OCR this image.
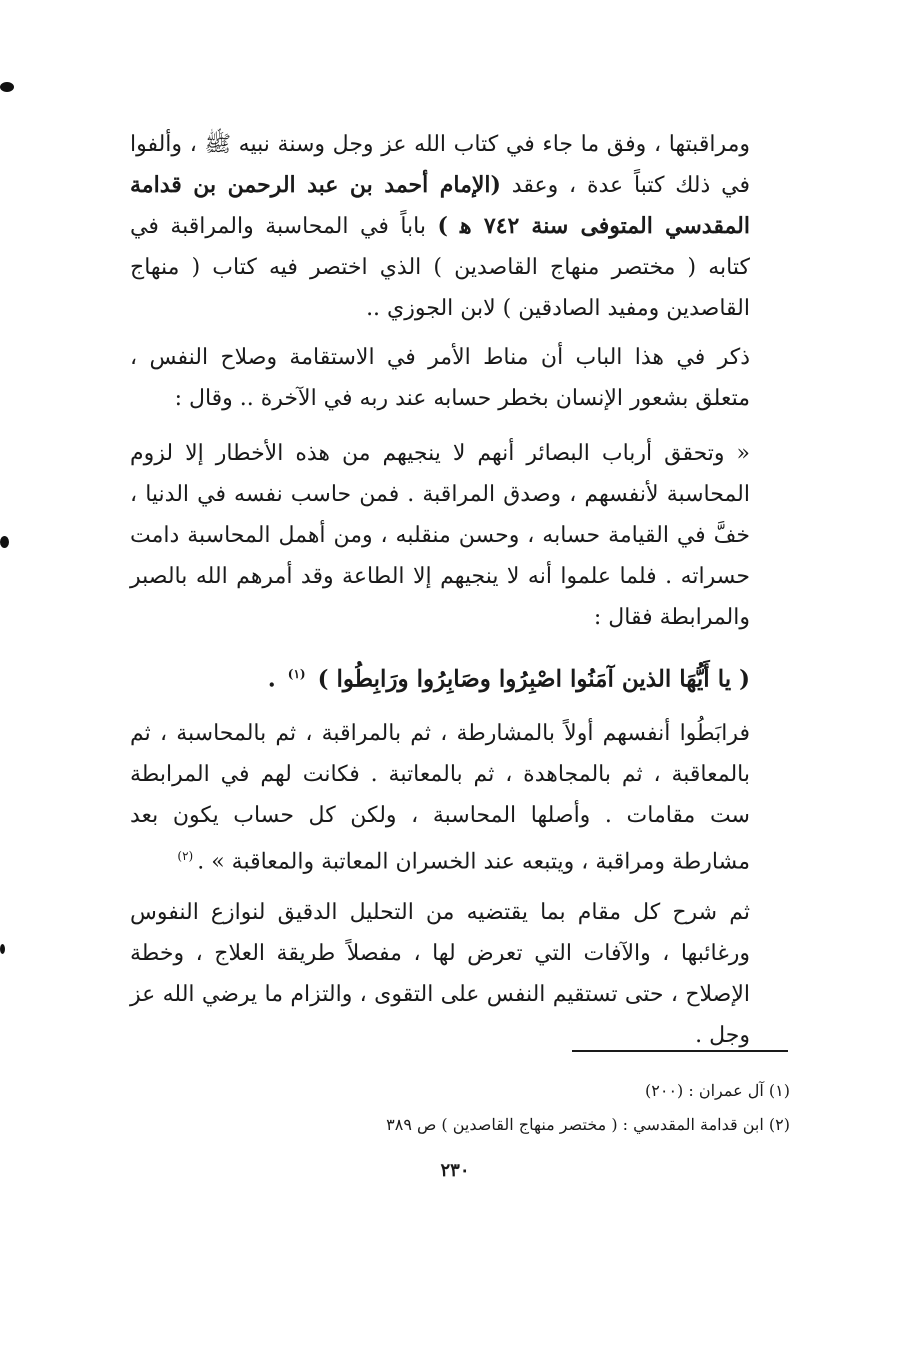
ومراقبتها ، وفق ما جاء في كتاب الله عز وجل وسنة نبيه ﷺ ، وألفوا في ذلك كتباً عدة ، وعقد (الإمام أحمد بن عبد الرحمن بن قدامة المقدسي المتوفى سنة ٧٤٢ ﻫ ) باباً في المحاسبة والمراقبة في كتابه ( مختصر منهاج القاصدين ) الذي اختصر فيه كتاب ( منهاج القاصدين ومفيد الصادقين ) لابن الجوزي ..

ذكر في هذا الباب أن مناط الأمر في الاستقامة وصلاح النفس ، متعلق بشعور الإنسان بخطر حسابه عند ربه في الآخرة .. وقال :

« وتحقق أرباب البصائر أنهم لا ينجيهم من هذه الأخطار إلا لزوم المحاسبة لأنفسهم ، وصدق المراقبة . فمن حاسب نفسه في الدنيا ، خفَّ في القيامة حسابه ، وحسن منقلبه ، ومن أهمل المحاسبة دامت حسراته . فلما علموا أنه لا ينجيهم إلا الطاعة وقد أمرهم الله بالصبر والمرابطة فقال :

( يا أَيُّهَا الذين آمَنُوا اصْبِرُوا وصَابِرُوا ورَابِطُوا ) $^{(١)}$ .

فرابَطُوا أنفسهم أولاً بالمشارطة ، ثم بالمراقبة ، ثم بالمحاسبة ، ثم بالمعاقبة ، ثم بالمجاهدة ، ثم بالمعاتبة . فكانت لهم في المرابطة ست مقامات . وأصلها المحاسبة ، ولكن كل حساب يكون بعد مشارطة ومراقبة ، ويتبعه عند الخسران المعاتبة والمعاقبة » .$^{(٢)}$

ثم شرح كل مقام بما يقتضيه من التحليل الدقيق لنوازع النفوس ورغائبها ، والآفات التي تعرض لها ، مفصلاً طريقة العلاج ، وخطة الإصلاح ، حتى تستقيم النفس على التقوى ، والتزام ما يرضي الله عز وجل .

(١) آل عمران : (٢٠٠)
(٢) ابن قدامة المقدسي : ( مختصر منهاج القاصدين ) ص ٣٨٩
٢٣٠
